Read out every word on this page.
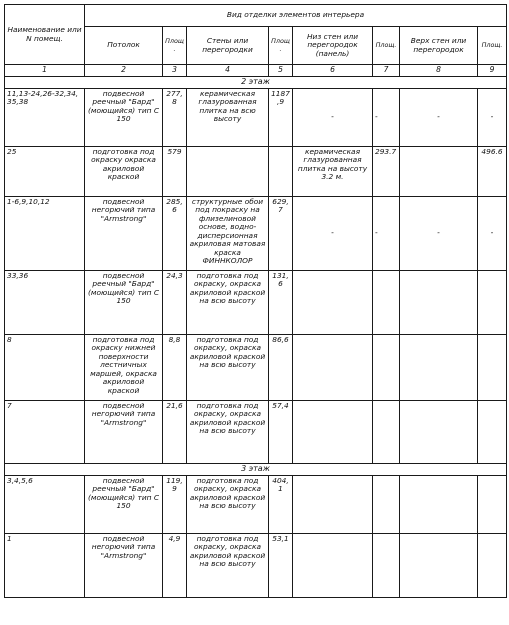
Наименование или N помещ.	Вид отделки элементов интерьера							
	Потолок	Площ.	Стены или перегородки	Площ.	Низ стен или перегородок (панель)	Площ.	Верх стен или перегородок	Площ.
1	2	3	4	5	6	7	8	9
2 этаж								
11,13-24,26-32,34, 35,38	подвесной реечный "Бард" (моющийся) тип С 150	277,8	керамическая глазурованная плитка на всю высоту	1187,9	-	-	-	-
25	подготовка под окраску окраска акриловой краской	579			керамическая глазурованная плитка на высоту 3.2 м.	293.7		496.6
1-6,9,10,12	подвесной негорючий типа "Armstrong"	285,6	структурные обои под покраску на флизелиновой основе, водно-дисперсионная акриловая матовая краска ФИННКОЛОР	629,7	-	-	-	-
33,36	подвесной реечный "Бард" (моющийся) тип С 150	24,3	подготовка под окраску, окраска акриловой краской на всю высоту	131,6				
8	подготовка под окраску нижней поверхности лестничных маршей, окраска акриловой краской	8,8	подготовка под окраску, окраска акриловой краской на всю высоту	86,6				
7	подвесной негорючий типа "Armstrong"	21,6	подготовка под окраску, окраска акриловой краской на всю высоту	57,4				
3 этаж								
3,4,5,6	подвесной реечный "Бард" (моющийся) тип С 150	119,9	подготовка под окраску, окраска акриловой краской на всю высоту	404,1				
1	подвесной негорючий типа "Armstrong"	4,9	подготовка под окраску, окраска акриловой краской на всю высоту	53,1				
